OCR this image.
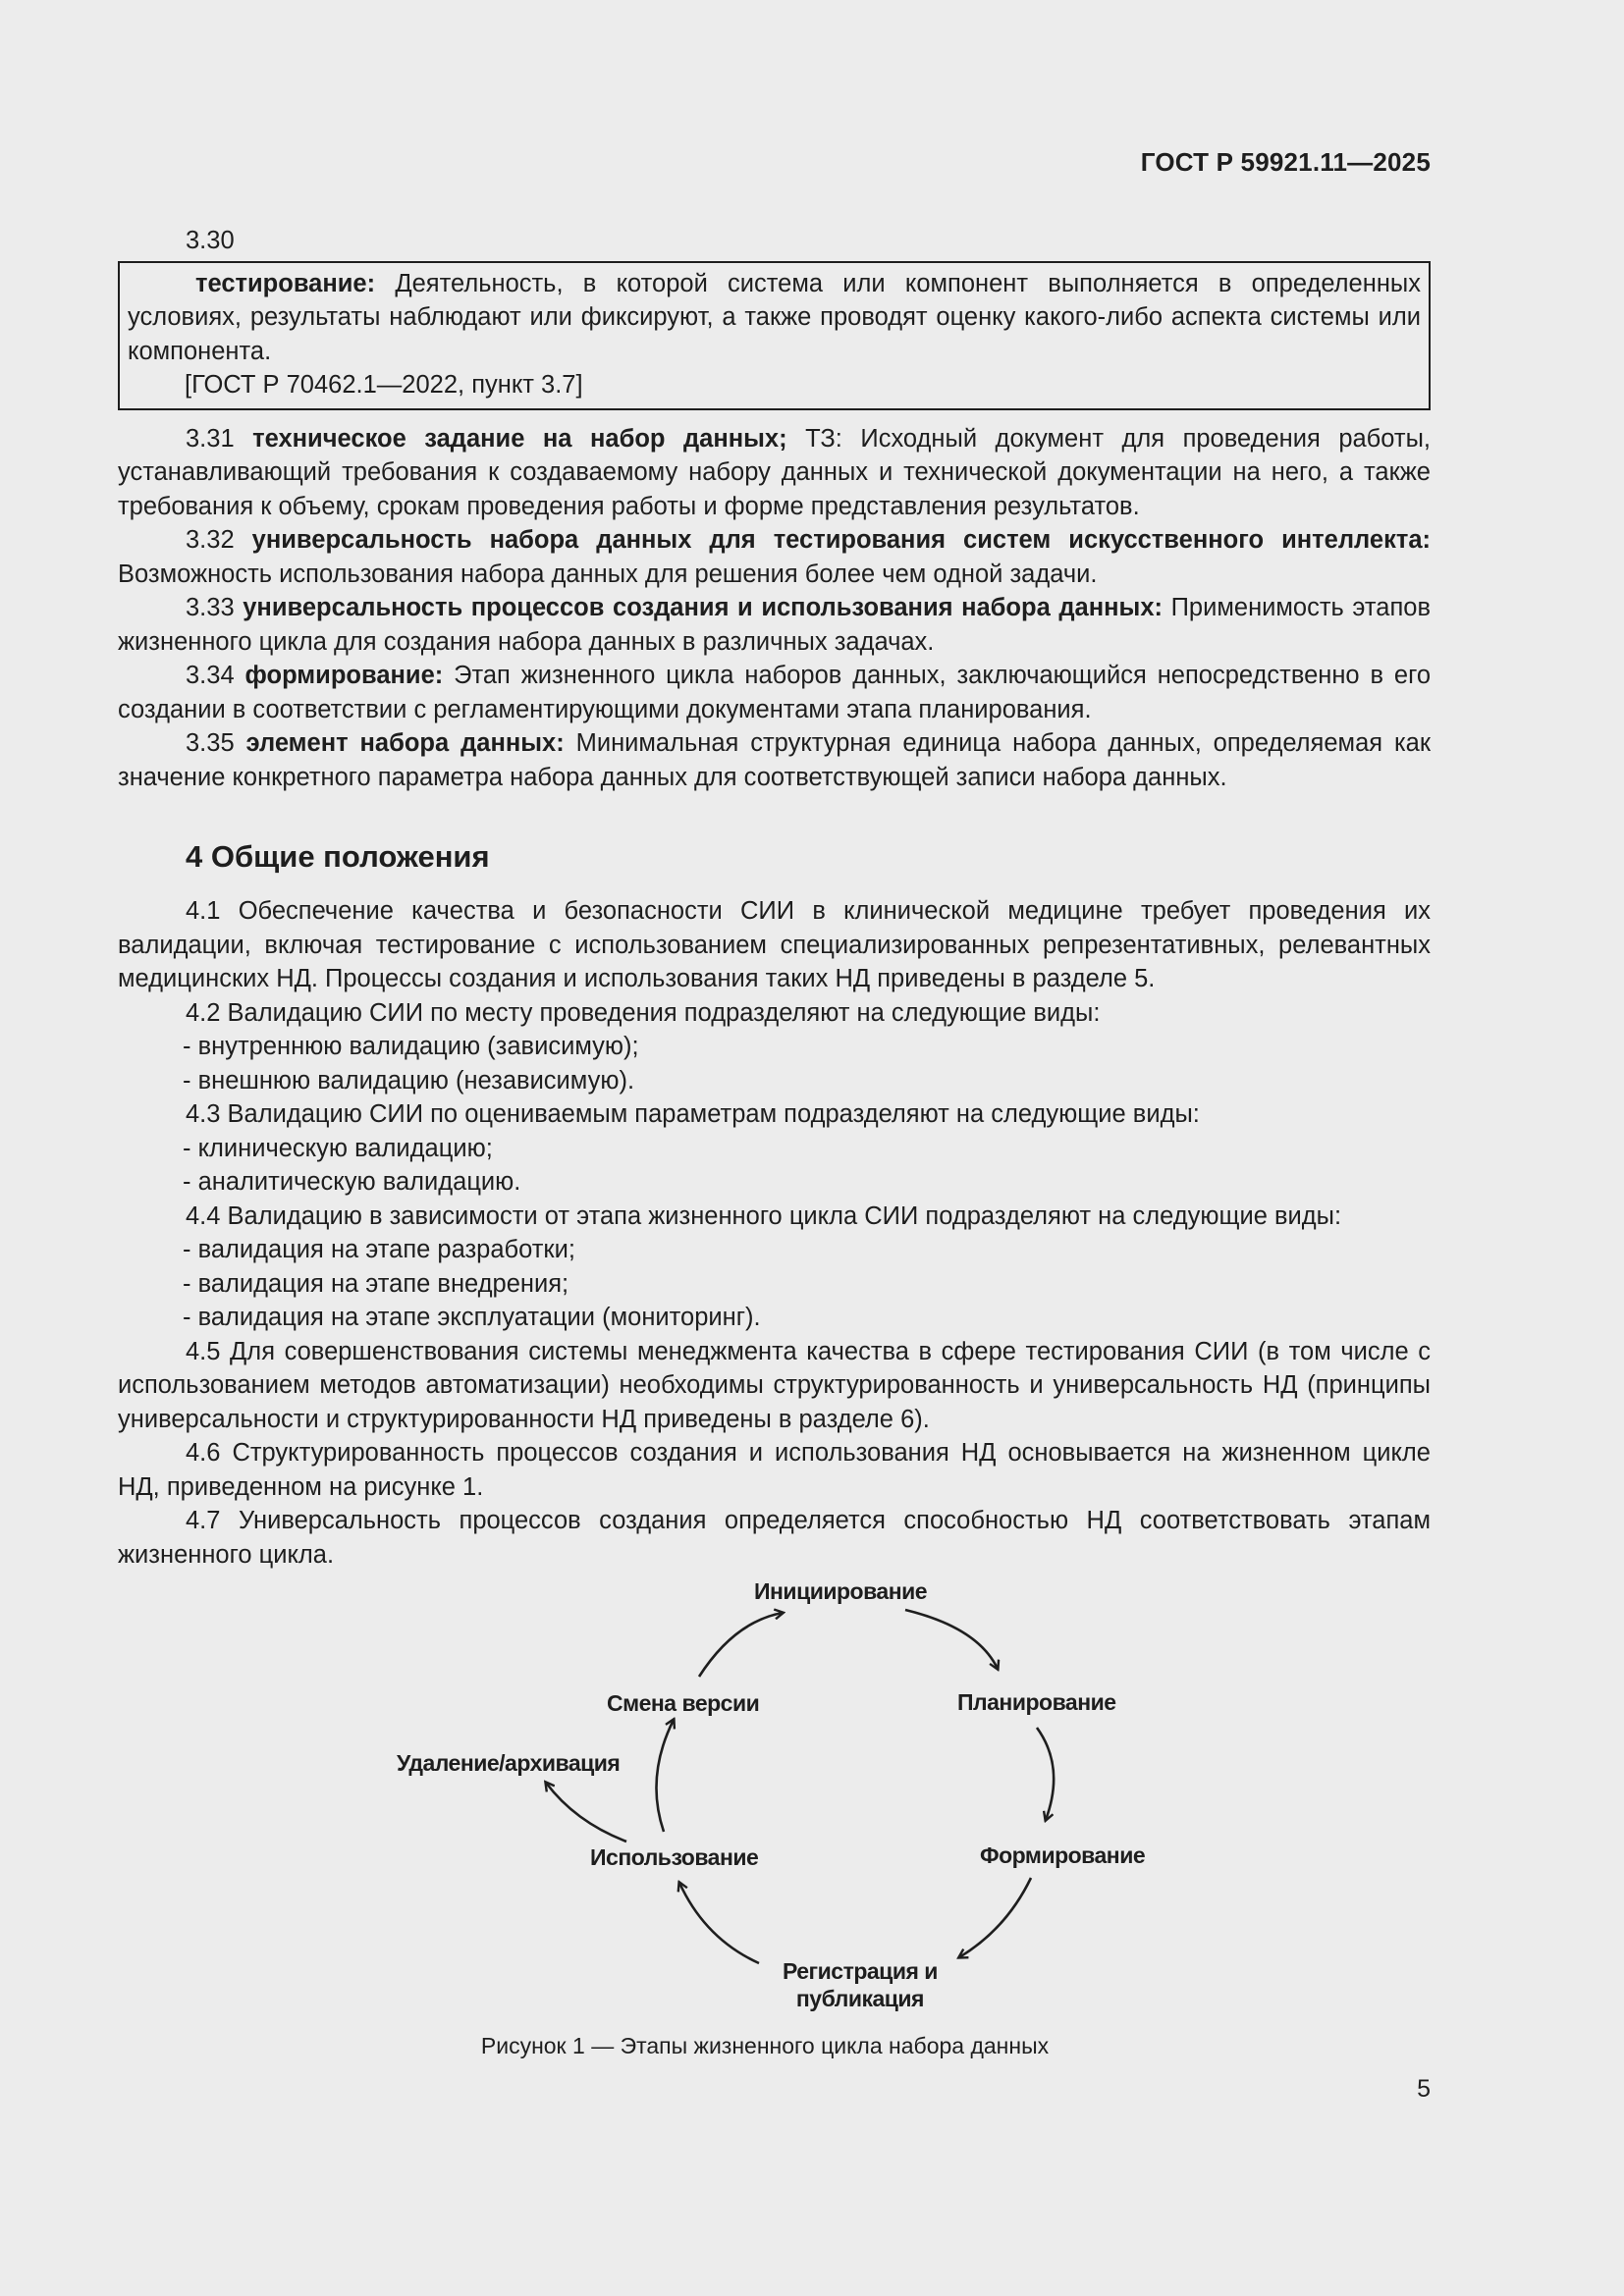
ГОСТ Р 59921.11—2025

3.30

тестирование: Деятельность, в которой система или компонент выполняется в определенных условиях, результаты наблюдают или фиксируют, а также проводят оценку какого-либо аспекта системы или компонента.

[ГОСТ Р 70462.1—2022, пункт 3.7]

3.31 техническое задание на набор данных; ТЗ: Исходный документ для проведения работы, устанавливающий требования к создаваемому набору данных и технической документации на него, а также требования к объему, срокам проведения работы и форме представления результатов.

3.32 универсальность набора данных для тестирования систем искусственного интеллекта: Возможность использования набора данных для решения более чем одной задачи.

3.33 универсальность процессов создания и использования набора данных: Применимость этапов жизненного цикла для создания набора данных в различных задачах.

3.34 формирование: Этап жизненного цикла наборов данных, заключающийся непосредственно в его создании в соответствии с регламентирующими документами этапа планирования.

3.35 элемент набора данных: Минимальная структурная единица набора данных, определяемая как значение конкретного параметра набора данных для соответствующей записи набора данных.

4 Общие положения

4.1 Обеспечение качества и безопасности СИИ в клинической медицине требует проведения их валидации, включая тестирование с использованием специализированных репрезентативных, релевантных медицинских НД. Процессы создания и использования таких НД приведены в разделе 5.

4.2 Валидацию СИИ по месту проведения подразделяют на следующие виды:

- внутреннюю валидацию (зависимую);
- внешнюю валидацию (независимую).

4.3 Валидацию СИИ по оцениваемым параметрам подразделяют на следующие виды:

- клиническую валидацию;
- аналитическую валидацию.

4.4 Валидацию в зависимости от этапа жизненного цикла СИИ подразделяют на следующие виды:

- валидация на этапе разработки;
- валидация на этапе внедрения;
- валидация на этапе эксплуатации (мониторинг).

4.5 Для совершенствования системы менеджмента качества в сфере тестирования СИИ (в том числе с использованием методов автоматизации) необходимы структурированность и универсальность НД (принципы универсальности и структурированности НД приведены в разделе 6).

4.6 Структурированность процессов создания и использования НД основывается на жизненном цикле НД, приведенном на рисунке 1.

4.7 Универсальность процессов создания определяется способностью НД соответствовать этапам жизненного цикла.

Инициирование
Планирование
Формирование
Регистрация и
публикация
Использование
Смена версии
Удаление/архивация
Рисунок 1 — Этапы жизненного цикла набора данных
5
